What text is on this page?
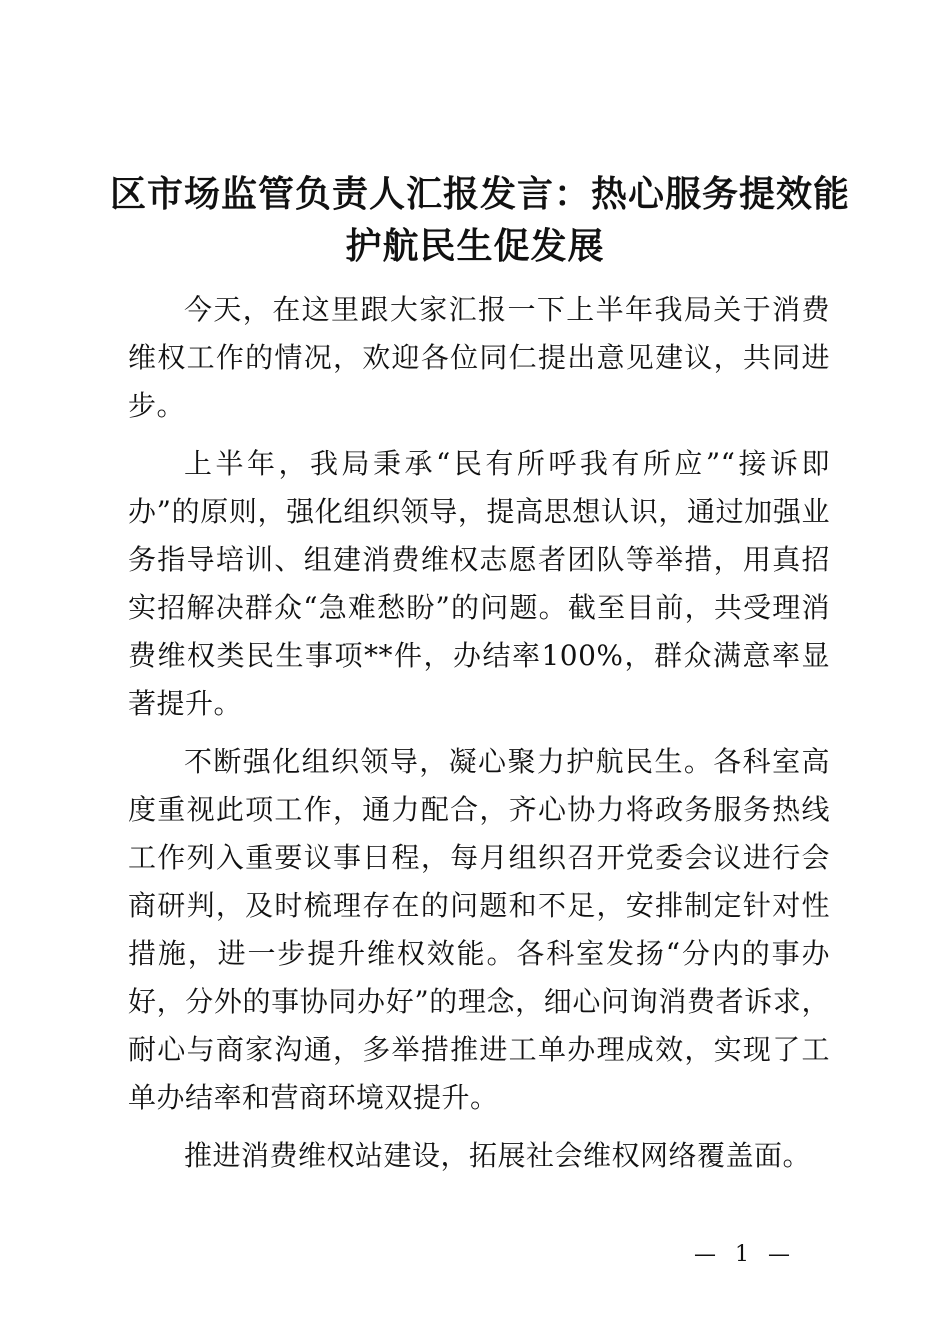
区市场监管负责人汇报发言：热心服务提效能
护航民生促发展

今天，在这里跟大家汇报一下上半年我局关于消费维权工作的情况，欢迎各位同仁提出意见建议，共同进步。

上半年，我局秉承“民有所呼我有所应”“接诉即办”的原则，强化组织领导，提高思想认识，通过加强业务指导培训、组建消费维权志愿者团队等举措，用真招实招解决群众“急难愁盼”的问题。截至目前，共受理消费维权类民生事项**件，办结率100%，群众满意率显著提升。

不断强化组织领导，凝心聚力护航民生。各科室高度重视此项工作，通力配合，齐心协力将政务服务热线工作列入重要议事日程，每月组织召开党委会议进行会商研判，及时梳理存在的问题和不足，安排制定针对性措施，进一步提升维权效能。各科室发扬“分内的事办好，分外的事协同办好”的理念，细心问询消费者诉求，耐心与商家沟通，多举措推进工单办理成效，实现了工单办结率和营商环境双提升。

推进消费维权站建设，拓展社会维权网络覆盖面。

— 1 —
